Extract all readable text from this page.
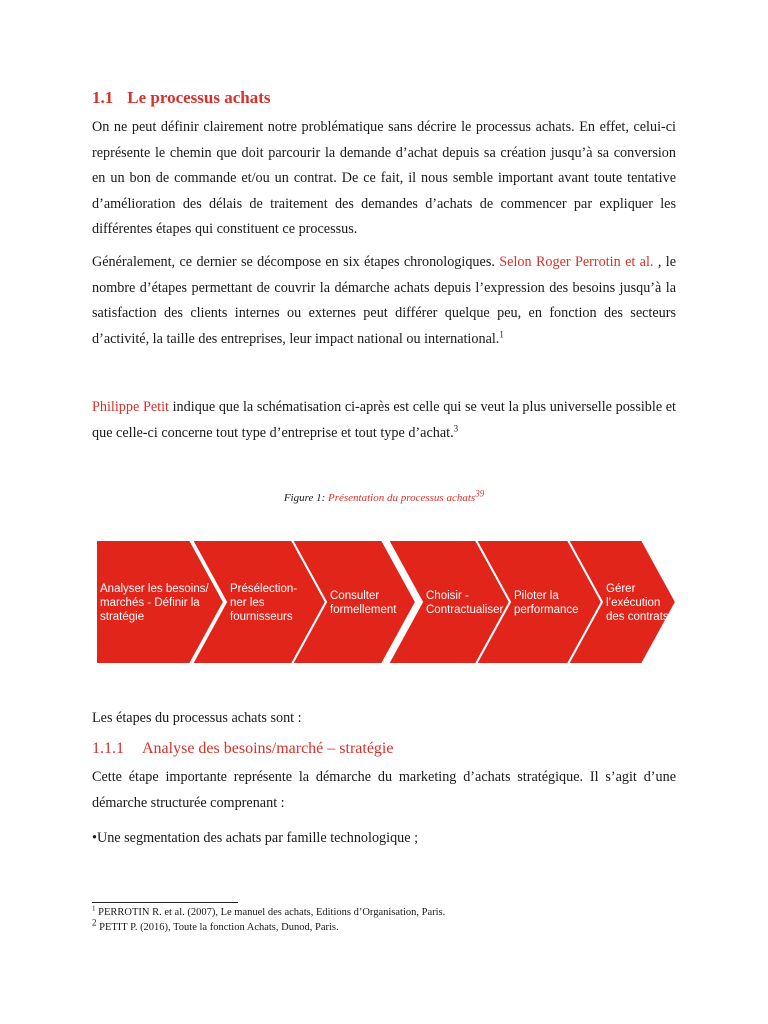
1.1 Le processus achats

On ne peut définir clairement notre problématique sans décrire le processus achats. En effet, celui-ci représente le chemin que doit parcourir la demande d’achat depuis sa création jusqu’à sa conversion en un bon de commande et/ou un contrat. De ce fait, il nous semble important avant toute tentative d’amélioration des délais de traitement des demandes d’achats de commencer par expliquer les différentes étapes qui constituent ce processus.

Généralement, ce dernier se décompose en six étapes chronologiques. Selon Roger Perrotin et al. , le nombre d’étapes permettant de couvrir la démarche achats depuis l’expression des besoins jusqu’à la satisfaction des clients internes ou externes peut différer quelque peu, en fonction des secteurs d’activité, la taille des entreprises, leur impact national ou international.$^1$

Philippe Petit indique que la schématisation ci-après est celle qui se veut la plus universelle possible et que celle-ci concerne tout type d’entreprise et tout type d’achat.$^3$

Figure 1: Présentation du processus achats$^{39}$
Analyser les besoins/ marchés - Définir la stratégie
Présélection-ner les fournisseurs
Consulter formellement
Choisir -Contractualiser
Piloter la performance
Gérer l’exécution des contrats

Les étapes du processus achats sont :

1.1.1 Analyse des besoins/marché – stratégie

Cette étape importante représente la démarche du marketing d’achats stratégique. Il s’agit d’une démarche structurée comprenant :

•Une segmentation des achats par famille technologique ;

$^1$ PERROTIN R. et al. (2007), Le manuel des achats, Editions d’Organisation, Paris.
$^2$ PETIT P. (2016), Toute la fonction Achats, Dunod, Paris.
